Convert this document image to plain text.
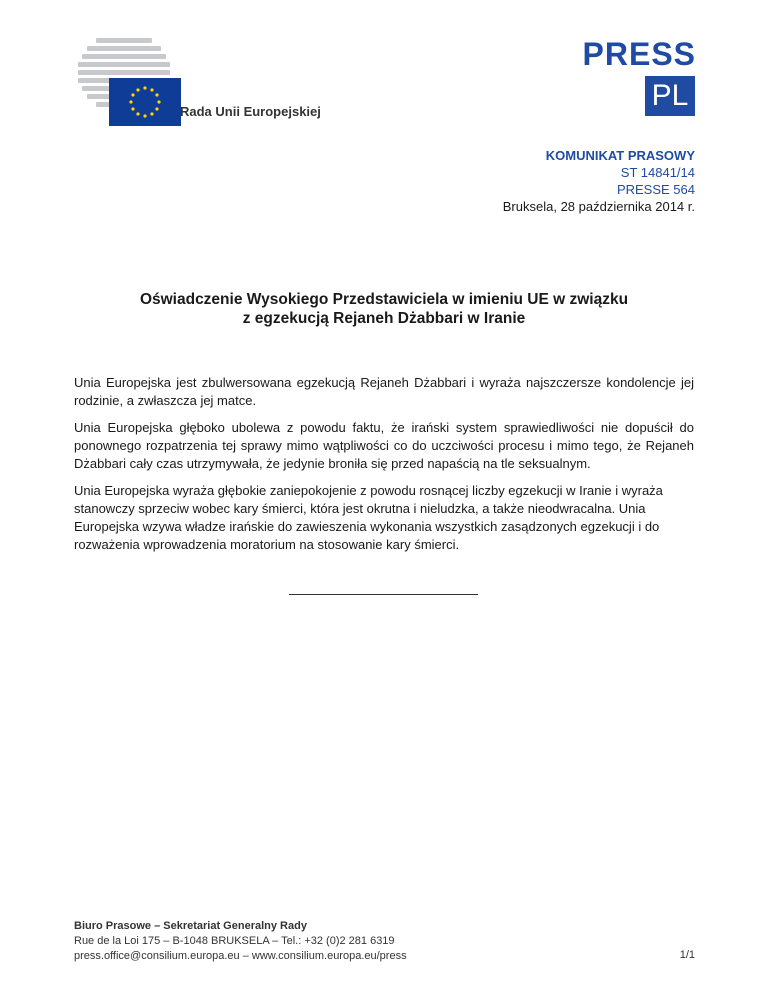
Rada Unii Europejskiej
PRESS
PL
KOMUNIKAT PRASOWY
ST 14841/14
PRESSE 564
Bruksela, 28 października 2014 r.

Oświadczenie Wysokiego Przedstawiciela w imieniu UE w związku

z egzekucją Rejaneh Dżabbari w Iranie

Unia Europejska jest zbulwersowana egzekucją Rejaneh Dżabbari i wyraża najszczersze kondolencje jej rodzinie, a zwłaszcza jej matce.

Unia Europejska głęboko ubolewa z powodu faktu, że irański system sprawiedliwości nie dopuścił do ponownego rozpatrzenia tej sprawy mimo wątpliwości co do uczciwości procesu i mimo tego, że Rejaneh Dżabbari cały czas utrzymywała, że jedynie broniła się przed napaścią na tle seksualnym.

Unia Europejska wyraża głębokie zaniepokojenie z powodu rosnącej liczby egzekucji w Iranie i wyraża stanowczy sprzeciw wobec kary śmierci, która jest okrutna i nieludzka, a także nieodwracalna. Unia Europejska wzywa władze irańskie do zawieszenia wykonania wszystkich zasądzonych egzekucji i do rozważenia wprowadzenia moratorium na stosowanie kary śmierci.

Biuro Prasowe – Sekretariat Generalny Rady
Rue de la Loi 175 – B-1048 BRUKSELA – Tel.: +32 (0)2 281 6319
press.office@consilium.europa.eu – www.consilium.europa.eu/press	1/1
